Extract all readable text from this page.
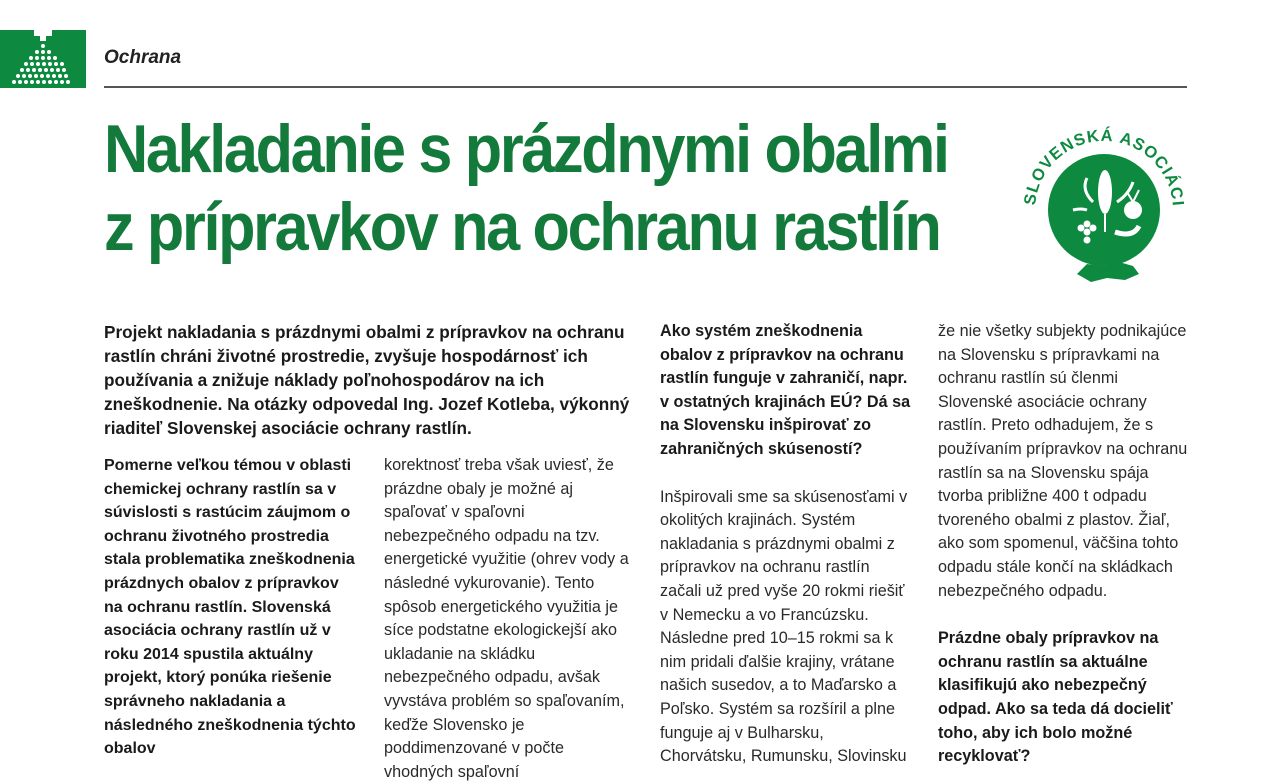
Ochrana

Nakladanie s prázdnymi obalmi
z prípravkov na ochranu rastlín	SLOVENSKÁ ASOCIÁCI

Projekt nakladania s prázdnymi obalmi z prípravkov na ochranu rastlín chráni životné prostredie, zvyšuje hospodárnosť ich používania a znižuje náklady poľnohospodárov na ich zneškodnenie. Na otázky odpovedal Ing. Jozef Kotleba, výkonný riaditeľ Slovenskej asociácie ochrany rastlín.

Pomerne veľkou témou v oblasti chemickej ochrany rastlín sa v súvislosti s rastúcim záujmom o ochranu životného prostredia stala problematika zneškodnenia prázdnych obalov z prípravkov na ochranu rastlín. Slovenská asociácia ochrany rastlín už v roku 2014 spustila aktuálny projekt, ktorý ponúka riešenie správneho nakladania a následného zneškodnenia týchto obalov

korektnosť treba však uviesť, že prázdne obaly je možné aj spaľovať v spaľovni nebezpečného odpadu na tzv. energetické využitie (ohrev vody a následné vykurovanie). Tento spôsob energetického využitia je síce podstatne ekologickejší ako ukladanie na skládku nebezpečného odpadu, avšak vyvstáva problém so spaľovaním, keďže Slovensko je poddimenzované v počte vhodných spaľovní

Ako systém zneškodnenia obalov z prípravkov na ochranu rastlín funguje v zahraničí, napr. v ostatných krajinách EÚ? Dá sa na Slovensku inšpirovať zo zahraničných skúseností?

Inšpirovali sme sa skúsenosťami v okolitých krajinách. Systém nakladania s prázdnymi obalmi z prípravkov na ochranu rastlín začali už pred vyše 20 rokmi riešiť v Nemecku a vo Francúzsku. Následne pred 10–15 rokmi sa k nim pridali ďalšie krajiny, vrátane našich susedov, a to Maďarsko a Poľsko. Systém sa rozšíril a plne funguje aj v Bulharsku, Chorvátsku, Rumunsku, Slovinsku

že nie všetky subjekty podnikajúce na Slovensku s prípravkami na ochranu rastlín sú členmi Slovenské asociácie ochrany rastlín. Preto odhadujem, že s používaním prípravkov na ochranu rastlín sa na Slovensku spája tvorba približne 400 t odpadu tvoreného obalmi z plastov. Žiaľ, ako som spomenul, väčšina tohto odpadu stále končí na skládkach nebezpečného odpadu.

Prázdne obaly prípravkov na ochranu rastlín sa aktuálne klasifikujú ako nebezpečný odpad. Ako sa teda dá docieliť toho, aby ich bolo možné recyklovať?
